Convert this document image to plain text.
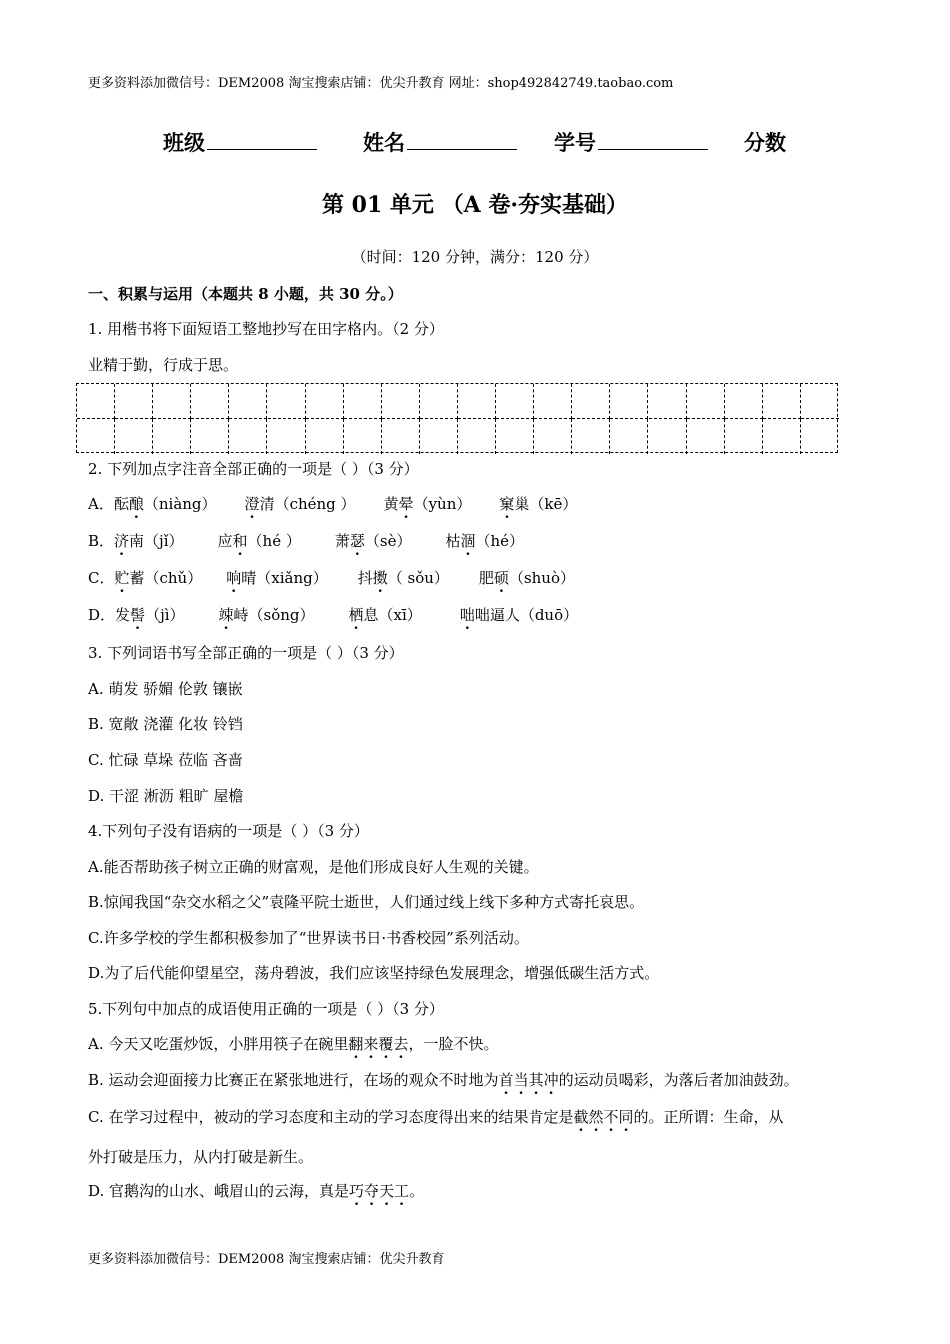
更多资料添加微信号：DEM2008 淘宝搜索店铺：优尖升教育 网址：shop492842749.taobao.com
班级	姓名	学号	分数
第 01 单元 （A 卷·夯实基础）
（时间：120 分钟，满分：120 分）
一、积累与运用（本题共 8 小题，共 30 分。）
1. 用楷书将下面短语工整地抄写在田字格内。（2 分）
业精于勤，行成于思。
2. 下列加点字注音全部正确的一项是（ ）（3 分）
A．酝酿（niàng） 澄清（chéng ） 黄晕（yùn） 窠巢（kē）
B．济南（jǐ） 应和（hé ） 萧瑟（sè） 枯涸（hé）
C．贮蓄（chǔ） 响晴（xiǎng） 抖擞（ sǒu） 肥硕（shuò）
D．发髻（jì） 竦峙（sǒng） 栖息（xī）	咄咄逼人（duō）
3. 下列词语书写全部正确的一项是（ ）（3 分）
A. 萌发 骄媚 伦敦 镶嵌
B. 宽敞 浇灌 化妆 铃铛
C. 忙碌 草垛 莅临 吝啬
D. 干涩 淅沥 粗旷 屋檐
4.下列句子没有语病的一项是（ ）（3 分）
A.能否帮助孩子树立正确的财富观，是他们形成良好人生观的关键。
B.惊闻我国“杂交水稻之父”袁隆平院士逝世，人们通过线上线下多种方式寄托哀思。
C.许多学校的学生都积极参加了“世界读书日·书香校园”系列活动。
D.为了后代能仰望星空，荡舟碧波，我们应该坚持绿色发展理念，增强低碳生活方式。
5.下列句中加点的成语使用正确的一项是（ ）（3 分）
A. 今天又吃蛋炒饭，小胖用筷子在碗里翻来覆去，一脸不快。
B. 运动会迎面接力比赛正在紧张地进行，在场的观众不时地为首当其冲的运动员喝彩，为落后者加油鼓劲。
C. 在学习过程中，被动的学习态度和主动的学习态度得出来的结果肯定是截然不同的。正所谓：生命，从
外打破是压力，从内打破是新生。
D. 官鹅沟的山水、峨眉山的云海，真是巧夺天工。
更多资料添加微信号：DEM2008 淘宝搜索店铺：优尖升教育
